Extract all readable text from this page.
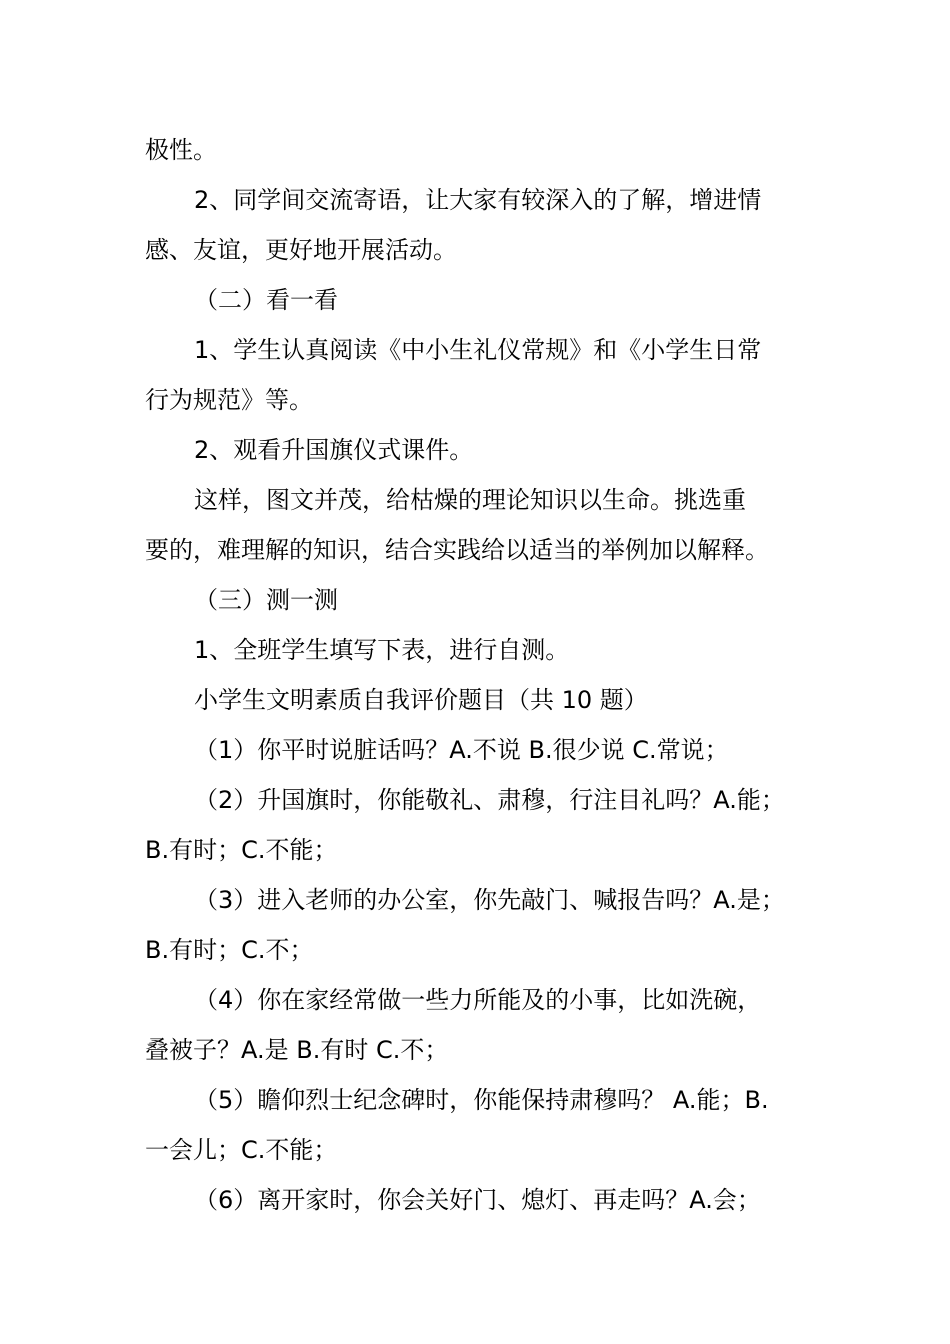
极性。
2、同学间交流寄语，让大家有较深入的了解，增进情
感、友谊，更好地开展活动。
（二）看一看
1、学生认真阅读《中小生礼仪常规》和《小学生日常
行为规范》等。
2、观看升国旗仪式课件。
这样，图文并茂，给枯燥的理论知识以生命。挑选重
要的，难理解的知识，结合实践给以适当的举例加以解释。
（三）测一测
1、全班学生填写下表，进行自测。
小学生文明素质自我评价题目（共 10 题）
（1）你平时说脏话吗？A.不说 B.很少说 C.常说；
（2）升国旗时，你能敬礼、肃穆，行注目礼吗？A.能；
B.有时；C.不能；
（3）进入老师的办公室，你先敲门、喊报告吗？A.是；
B.有时；C.不；
（4）你在家经常做一些力所能及的小事，比如洗碗，
叠被子？A.是 B.有时 C.不；
（5）瞻仰烈士纪念碑时，你能保持肃穆吗？ A.能；B.
一会儿；C.不能；
（6）离开家时，你会关好门、熄灯、再走吗？A.会；
